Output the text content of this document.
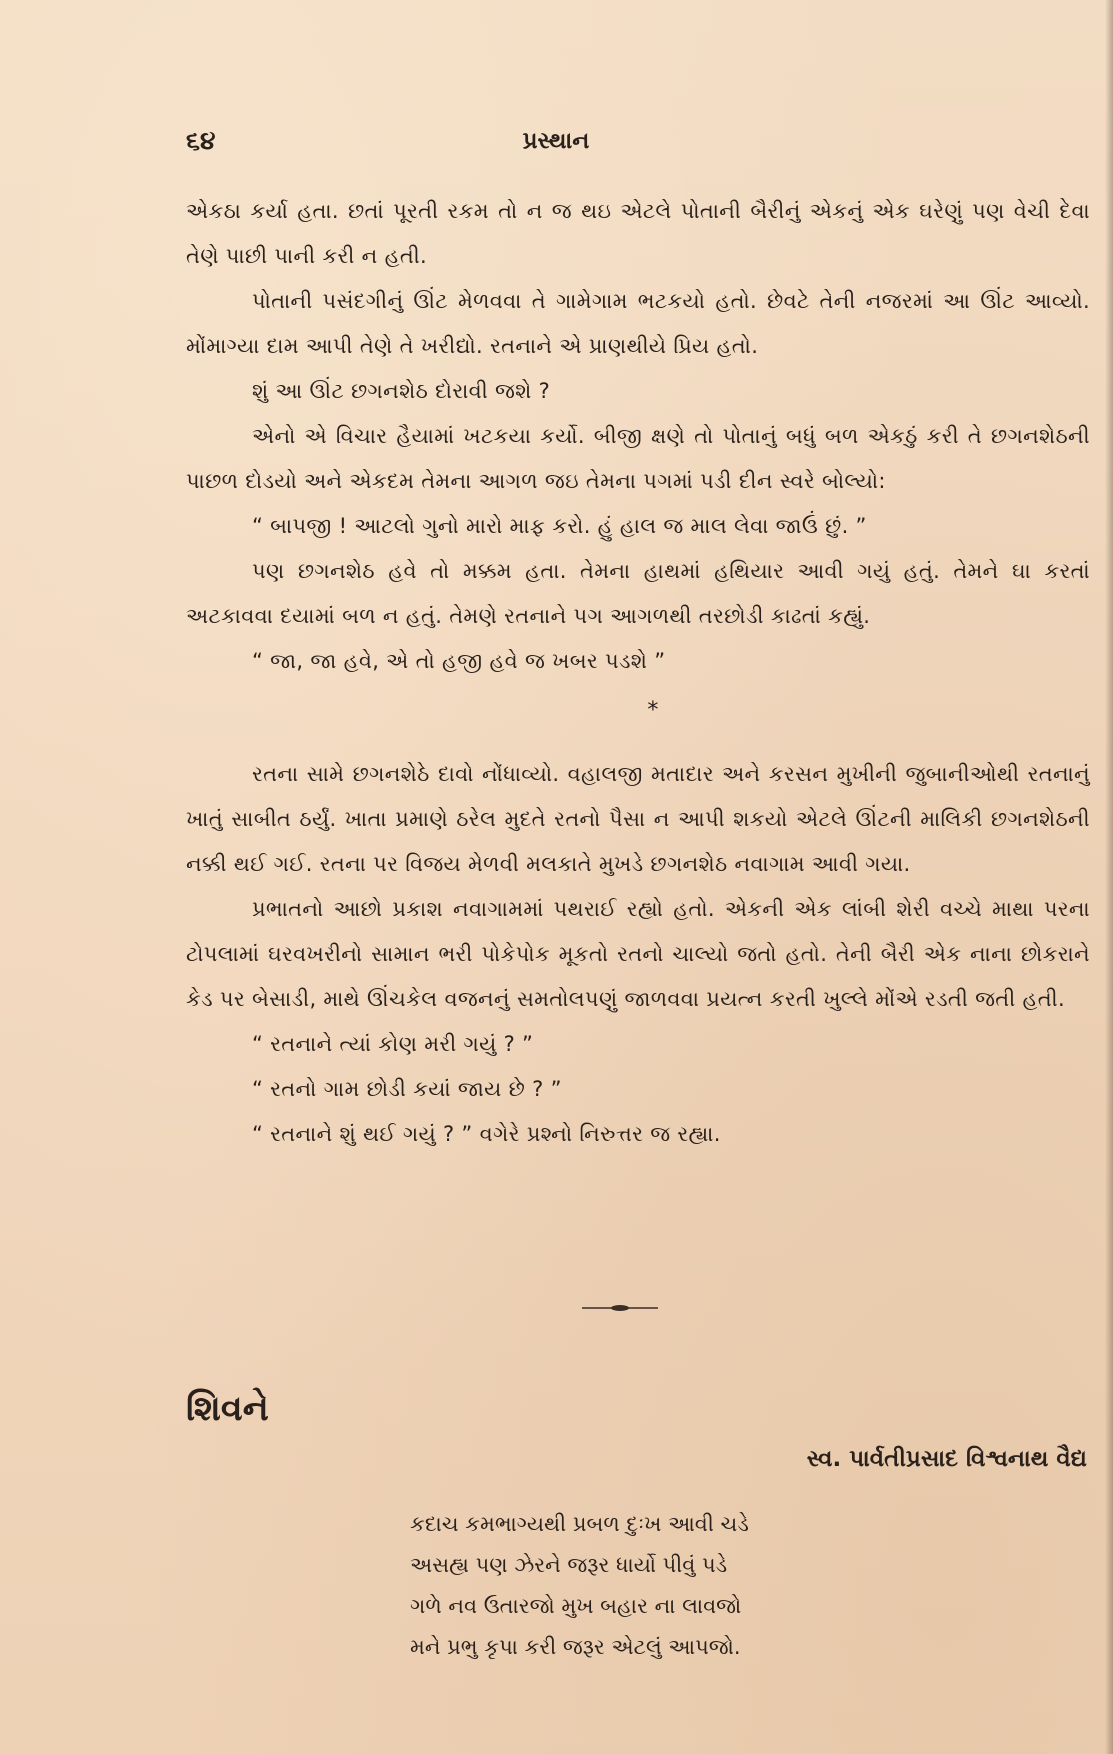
૬૪	પ્રસ્થાન

એકઠા કર્યા હતા. છતાં પૂરતી રકમ તો ન જ થઇ એટલે પોતાની બૈરીનું એકનું એક ઘરેણું પણ વેચી દેવા તેણે પાછી પાની કરી ન હતી.

પોતાની પસંદગીનું ઊંટ મેળવવા તે ગામેગામ ભટકયો હતો. છેવટે તેની નજરમાં આ ઊંટ આવ્યો. મોંમાગ્યા દામ આપી તેણે તે ખરીદ્યો. રતનાને એ પ્રાણથીયે પ્રિય હતો.

શું આ ઊંટ છગનશેઠ દોરાવી જશે ?

એનો એ વિચાર હૈયામાં ખટકયા કર્યો. બીજી ક્ષણે તો પોતાનું બધું બળ એકઠું કરી તે છગનશેઠની પાછળ દોડયો અને એકદમ તેમના આગળ જઇ તેમના પગમાં પડી દીન સ્વરે બોલ્યો:

“ બાપજી ! આટલો ગુનો મારો માફ કરો. હું હાલ જ માલ લેવા જાઉં છું. ”

પણ છગનશેઠ હવે તો મક્કમ હતા. તેમના હાથમાં હથિયાર આવી ગયું હતું. તેમને ઘા કરતાં અટકાવવા દયામાં બળ ન હતું. તેમણે રતનાને પગ આગળથી તરછોડી કાઢતાં કહ્યું.

“ જા, જા હવે, એ તો હજી હવે જ ખબર પડશે ”

*

રતના સામે છગનશેઠે દાવો નોંધાવ્યો. વહાલજી મતાદાર અને કરસન મુખીની જુબાનીઓથી રતનાનું ખાતું સાબીત ઠર્યું. ખાતા પ્રમાણે ઠરેલ મુદતે રતનો પૈસા ન આપી શકયો એટલે ઊંટની માલિકી છગનશેઠની નક્કી થઈ ગઈ. રતના પર વિજય મેળવી મલકાતે મુખડે છગનશેઠ નવાગામ આવી ગયા.

પ્રભાતનો આછો પ્રકાશ નવાગામમાં પથરાઈ રહ્યો હતો. એકની એક લાંબી શેરી વચ્ચે માથા પરના ટોપલામાં ઘરવખરીનો સામાન ભરી પોકેપોક મૂકતો રતનો ચાલ્યો જતો હતો. તેની બૈરી એક નાના છોકરાને કેડ પર બેસાડી, માથે ઊંચકેલ વજનનું સમતોલપણું જાળવવા પ્રયત્ન કરતી ખુલ્લે મોંએ રડતી જતી હતી.

“ રતનાને ત્યાં કોણ મરી ગયું ? ”

“ રતનો ગામ છોડી કયાં જાય છે ? ”

“ રતનાને શું થઈ ગયું ? ” વગેરે પ્રશ્નો નિરુત્તર જ રહ્યા.

શિવને
સ્વ. પાર્વતીપ્રસાદ વિશ્વનાથ વૈદ્ય
કદાચ કમભાગ્યથી પ્રબળ દુઃખ આવી ચડે
અસહ્ય પણ ઝેરને જરૂર ધાર્યો પીવું પડે
ગળે નવ ઉતારજો મુખ બહાર ના લાવજો
મને પ્રભુ કૃપા કરી જરૂર એટલું આપજો.
